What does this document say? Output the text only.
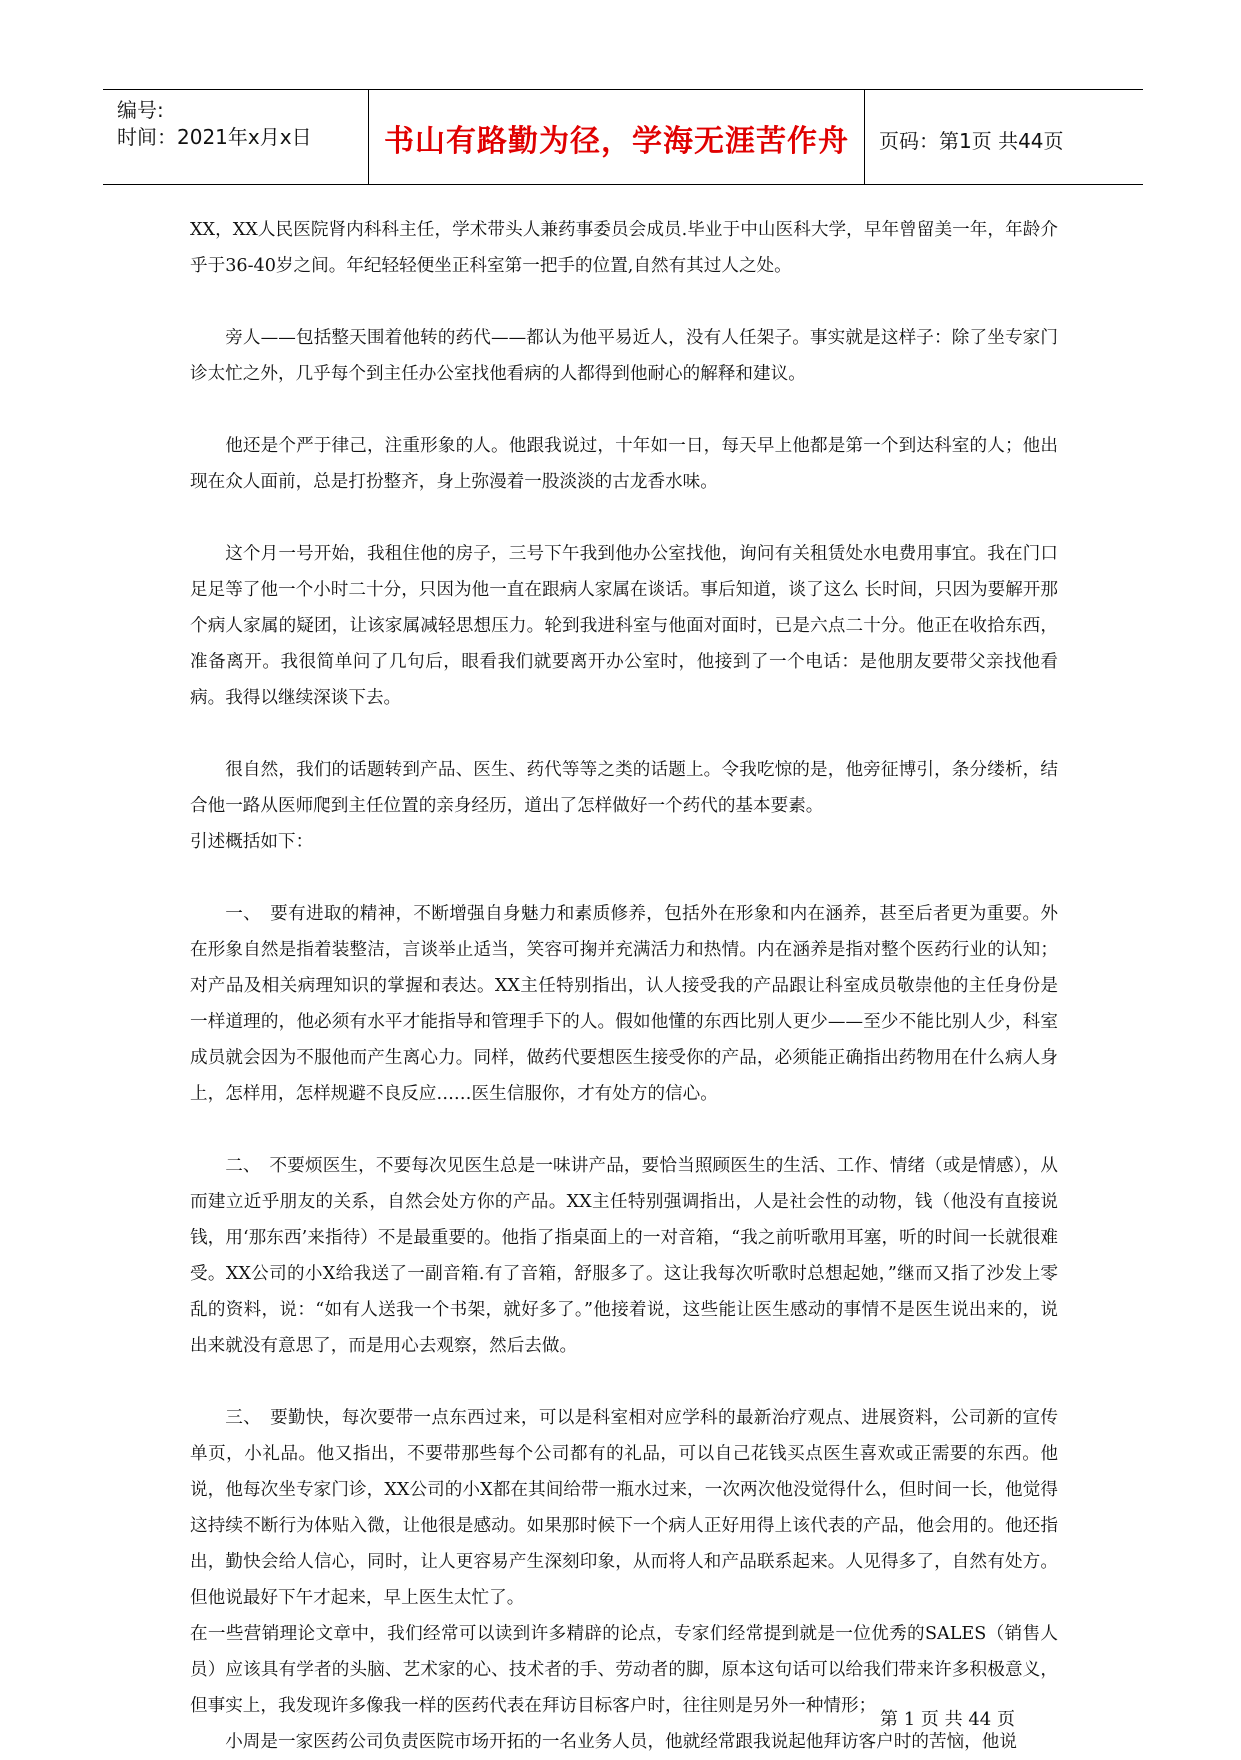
编号:
时间：2021年x月x日	书山有路勤为径，学海无涯苦作舟	页码：第1页 共44页

XX，XX人民医院肾内科科主任，学术带头人兼药事委员会成员.毕业于中山医科大学，早年曾留美一年，年龄介乎于36-40岁之间。年纪轻轻便坐正科室第一把手的位置,自然有其过人之处。

旁人——包括整天围着他转的药代——都认为他平易近人，没有人任架子。事实就是这样子：除了坐专家门诊太忙之外，几乎每个到主任办公室找他看病的人都得到他耐心的解释和建议。

他还是个严于律己，注重形象的人。他跟我说过，十年如一日，每天早上他都是第一个到达科室的人；他出现在众人面前，总是打扮整齐，身上弥漫着一股淡淡的古龙香水味。

这个月一号开始，我租住他的房子，三号下午我到他办公室找他，询问有关租赁处水电费用事宜。我在门口足足等了他一个小时二十分，只因为他一直在跟病人家属在谈话。事后知道，谈了这么 长时间，只因为要解开那个病人家属的疑团，让该家属减轻思想压力。轮到我进科室与他面对面时，已是六点二十分。他正在收拾东西，准备离开。我很简单问了几句后，眼看我们就要离开办公室时，他接到了一个电话：是他朋友要带父亲找他看病。我得以继续深谈下去。

很自然，我们的话题转到产品、医生、药代等等之类的话题上。令我吃惊的是，他旁征博引，条分缕析，结合他一路从医师爬到主任位置的亲身经历，道出了怎样做好一个药代的基本要素。

引述概括如下：

一、　要有进取的精神，不断增强自身魅力和素质修养，包括外在形象和内在涵养，甚至后者更为重要。外在形象自然是指着装整洁，言谈举止适当，笑容可掬并充满活力和热情。内在涵养是指对整个医药行业的认知；对产品及相关病理知识的掌握和表达。XX主任特别指出，认人接受我的产品跟让科室成员敬崇他的主任身份是一样道理的，他必须有水平才能指导和管理手下的人。假如他懂的东西比别人更少——至少不能比别人少，科室成员就会因为不服他而产生离心力。同样，做药代要想医生接受你的产品，必须能正确指出药物用在什么病人身上，怎样用，怎样规避不良反应……医生信服你，才有处方的信心。

二、　不要烦医生，不要每次见医生总是一味讲产品，要恰当照顾医生的生活、工作、情绪（或是情感），从而建立近乎朋友的关系，自然会处方你的产品。XX主任特别强调指出，人是社会性的动物，钱（他没有直接说钱，用‘那东西’来指待）不是最重要的。他指了指桌面上的一对音箱，“我之前听歌用耳塞，听的时间一长就很难受。XX公司的小X给我送了一副音箱.有了音箱，舒服多了。这让我每次听歌时总想起她，”继而又指了沙发上零乱的资料，说：“如有人送我一个书架，就好多了。”他接着说，这些能让医生感动的事情不是医生说出来的，说出来就没有意思了，而是用心去观察，然后去做。

三、　要勤快，每次要带一点东西过来，可以是科室相对应学科的最新治疗观点、进展资料，公司新的宣传单页，小礼品。他又指出，不要带那些每个公司都有的礼品，可以自己花钱买点医生喜欢或正需要的东西。他说，他每次坐专家门诊，XX公司的小X都在其间给带一瓶水过来，一次两次他没觉得什么，但时间一长，他觉得这持续不断行为体贴入微，让他很是感动。如果那时候下一个病人正好用得上该代表的产品，他会用的。他还指出，勤快会给人信心，同时，让人更容易产生深刻印象，从而将人和产品联系起来。人见得多了，自然有处方。但他说最好下午才起来，早上医生太忙了。

在一些营销理论文章中，我们经常可以读到许多精辟的论点，专家们经常提到就是一位优秀的SALES（销售人员）应该具有学者的头脑、艺术家的心、技术者的手、劳动者的脚，原本这句话可以给我们带来许多积极意义，但事实上，我发现许多像我一样的医药代表在拜访目标客户时，往往则是另外一种情形；

小周是一家医药公司负责医院市场开拓的一名业务人员，他就经常跟我说起他拜访客户时的苦恼，他说

第 1 页 共 44 页
